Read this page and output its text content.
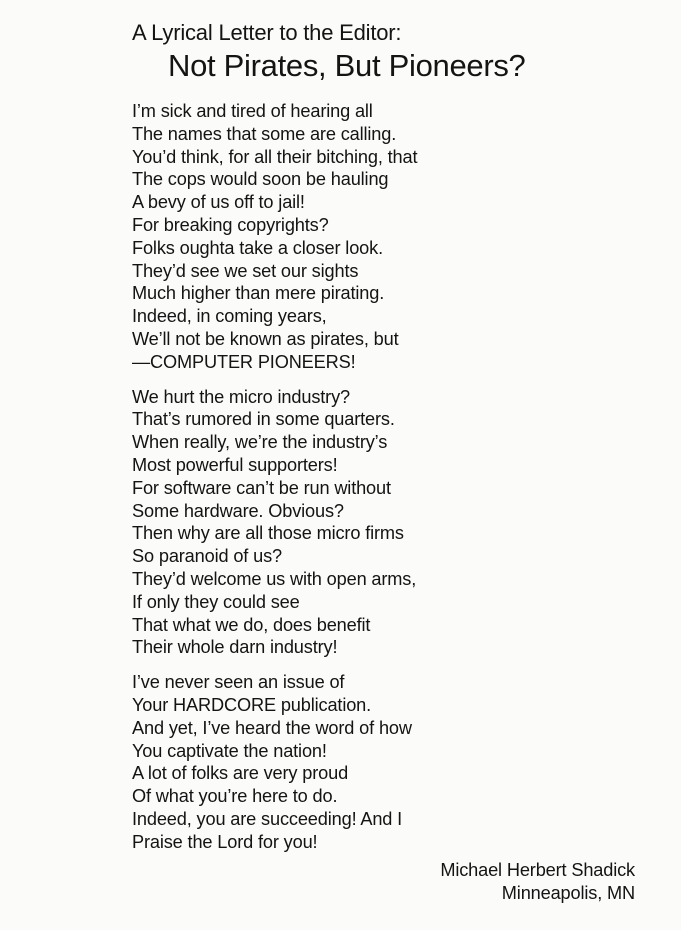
A Lyrical Letter to the Editor:
Not Pirates, But Pioneers?
I’m sick and tired of hearing all
The names that some are calling.
You’d think, for all their bitching, that
The cops would soon be hauling
A bevy of us off to jail!
For breaking copyrights?
Folks oughta take a closer look.
They’d see we set our sights
Much higher than mere pirating.
Indeed, in coming years,
We’ll not be known as pirates, but
—COMPUTER PIONEERS!
We hurt the micro industry?
That’s rumored in some quarters.
When really, we’re the industry’s
Most powerful supporters!
For software can’t be run without
Some hardware. Obvious?
Then why are all those micro firms
So paranoid of us?
They’d welcome us with open arms,
If only they could see
That what we do, does benefit
Their whole darn industry!
I’ve never seen an issue of
Your HARDCORE publication.
And yet, I’ve heard the word of how
You captivate the nation!
A lot of folks are very proud
Of what you’re here to do.
Indeed, you are succeeding! And I
Praise the Lord for you!
Michael Herbert Shadick
Minneapolis, MN
